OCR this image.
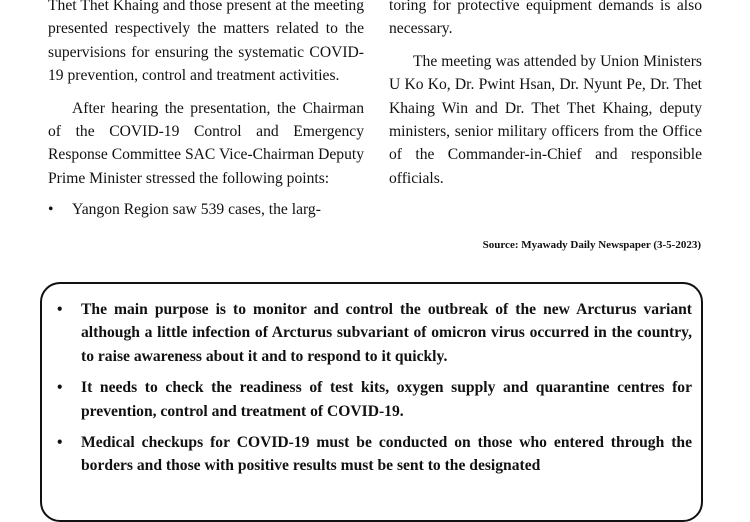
Thet Thet Khaing and those present at the meeting presented respectively the matters related to the supervisions for ensuring the systematic COVID-19 prevention, control and treatment activities.

After hearing the presentation, the Chairman of the COVID-19 Control and Emergency Response Committee SAC Vice-Chairman Deputy Prime Minister stressed the following points:

• Yangon Region saw 539 cases, the larg-

toring for protective equipment demands is also necessary.

The meeting was attended by Union Ministers U Ko Ko, Dr. Pwint Hsan, Dr. Nyunt Pe, Dr. Thet Khaing Win and Dr. Thet Thet Khaing, deputy ministers, senior military officers from the Office of the Commander-in-Chief and responsible officials.

Source: Myawady Daily Newspaper (3-5-2023)
• The main purpose is to monitor and control the outbreak of the new Arcturus variant although a little infection of Arcturus subvariant of omicron virus occurred in the country, to raise awareness about it and to respond to it quickly.
• It needs to check the readiness of test kits, oxygen supply and quarantine centres for prevention, control and treatment of COVID-19.
• Medical checkups for COVID-19 must be conducted on those who entered through the borders and those with positive results must be sent to the designated
